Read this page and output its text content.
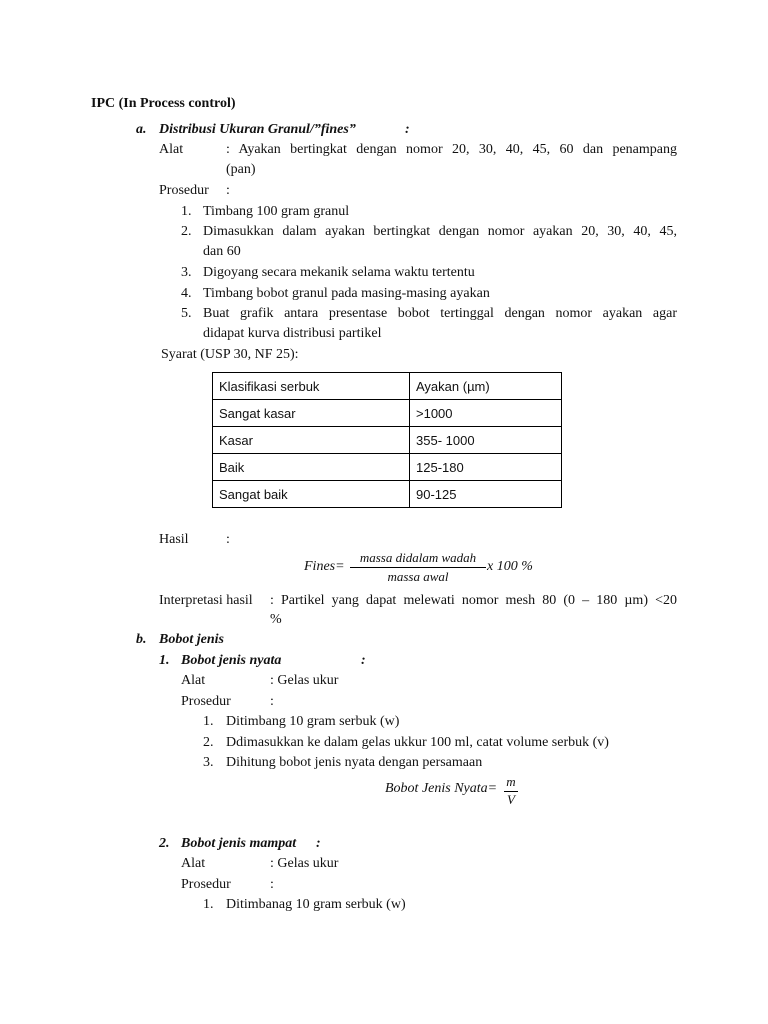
IPC (In Process control)
a. Distribusi Ukuran Granul/”fines”	:
Alat	: Ayakan bertingkat dengan nomor 20, 30, 40, 45, 60 dan penampang
(pan)
Prosedur :
1. Timbang 100 gram granul
2. Dimasukkan dalam ayakan bertingkat dengan nomor ayakan 20, 30, 40, 45,
dan 60
3. Digoyang secara mekanik selama waktu tertentu
4. Timbang bobot granul pada masing-masing ayakan
5. Buat grafik antara presentase bobot tertinggal dengan nomor ayakan agar
didapat kurva distribusi partikel
Syarat (USP 30, NF 25):
Klasifikasi serbuk	Ayakan (µm)
Sangat kasar	>1000
Kasar	355- 1000
Baik	125-180
Sangat baik	90-125
Hasil	:
Fines=
massa didalam wadah
massa awal
x 100 %
Interpretasi hasil : Partikel yang dapat melewati nomor mesh 80 (0 – 180 µm) <20
%
b. Bobot jenis
1. Bobot jenis nyata	:
Alat	: Gelas ukur
Prosedur	:
1. Ditimbang 10 gram serbuk (w)
2. Ddimasukkan ke dalam gelas ukkur 100 ml, catat volume serbuk (v)
3. Dihitung bobot jenis nyata dengan persamaan
Bobot Jenis Nyata= m
V
2. Bobot jenis mampat :
Alat	: Gelas ukur
Prosedur	:
1. Ditimbanag 10 gram serbuk (w)
